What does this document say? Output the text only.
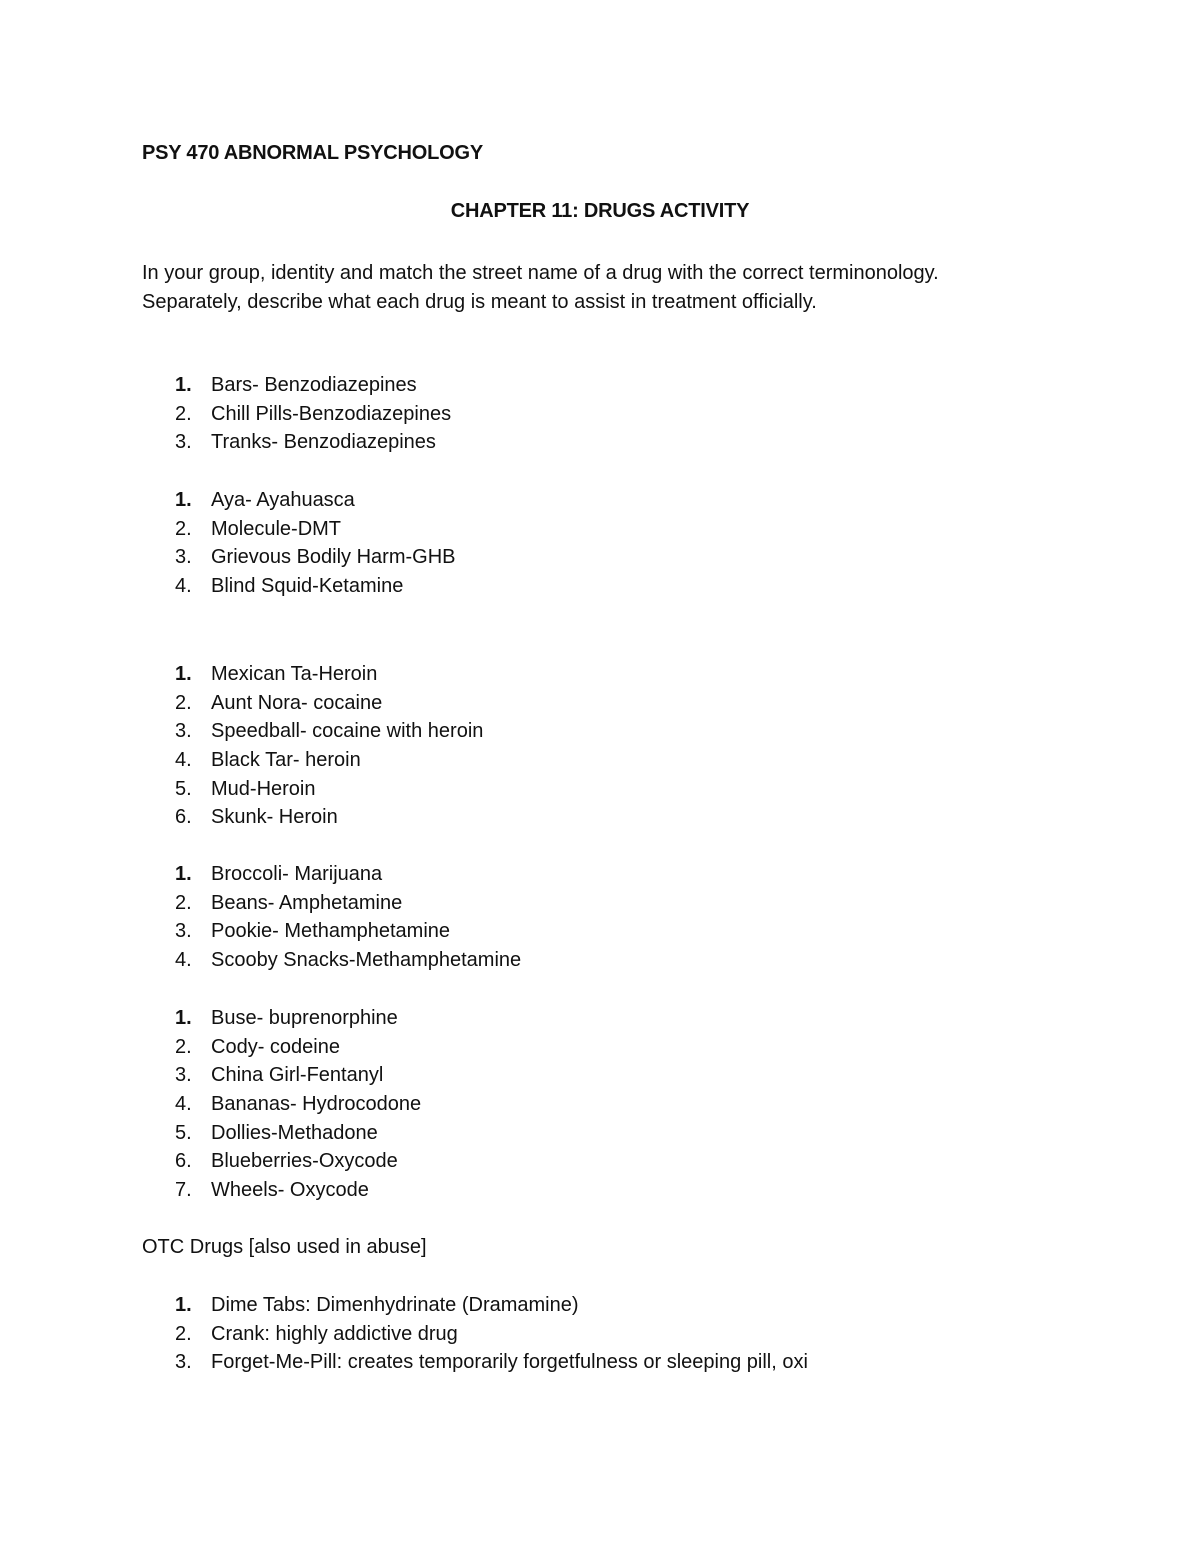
PSY 470 ABNORMAL PSYCHOLOGY

CHAPTER 11: DRUGS ACTIVITY

In your group, identity and match the street name of a drug with the correct terminonology.
Separately, describe what each drug is meant to assist in treatment officially.

1. Bars- Benzodiazepines
2. Chill Pills-Benzodiazepines
3. Tranks- Benzodiazepines
1. Aya- Ayahuasca
2. Molecule-DMT
3. Grievous Bodily Harm-GHB
4. Blind Squid-Ketamine
1. Mexican Ta-Heroin
2. Aunt Nora- cocaine
3. Speedball- cocaine with heroin
4. Black Tar- heroin
5. Mud-Heroin
6. Skunk- Heroin
1. Broccoli- Marijuana
2. Beans- Amphetamine
3. Pookie- Methamphetamine
4. Scooby Snacks-Methamphetamine
1. Buse- buprenorphine
2. Cody- codeine
3. China Girl-Fentanyl
4. Bananas- Hydrocodone
5. Dollies-Methadone
6. Blueberries-Oxycode
7. Wheels- Oxycode

OTC Drugs [also used in abuse]

1. Dime Tabs: Dimenhydrinate (Dramamine)
2. Crank: highly addictive drug
3. Forget-Me-Pill: creates temporarily forgetfulness or sleeping pill, oxi
